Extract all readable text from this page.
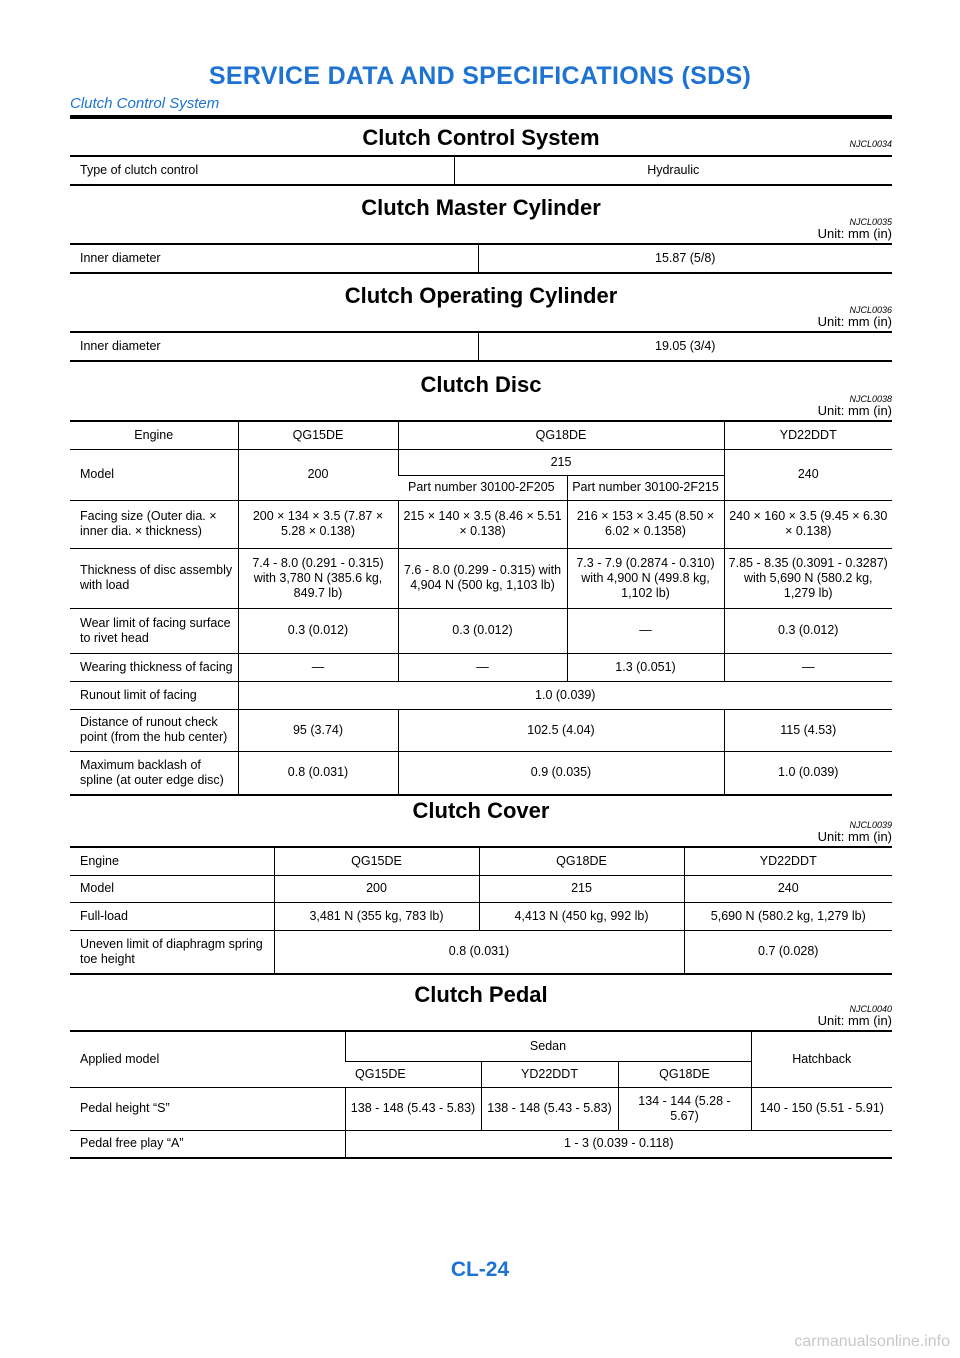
SERVICE DATA AND SPECIFICATIONS (SDS)
Clutch Control System
Clutch Control System	NJCL0034
Type of clutch control	Hydraulic
Clutch Master Cylinder
NJCL0035
Unit: mm (in)
Inner diameter	15.87 (5/8)
Clutch Operating Cylinder
NJCL0036
Unit: mm (in)
Inner diameter	19.05 (3/4)
Clutch Disc
NJCL0038
Unit: mm (in)
Engine	QG15DE	QG18DE		YD22DDT
Model	200	215		240
		Part number 30100-2F205	Part number 30100-2F215	
Facing size (Outer dia. × inner dia. × thickness)	200 × 134 × 3.5 (7.87 × 5.28 × 0.138)	215 × 140 × 3.5 (8.46 × 5.51 × 0.138)	216 × 153 × 3.45 (8.50 × 6.02 × 0.1358)	240 × 160 × 3.5 (9.45 × 6.30 × 0.138)
Thickness of disc assembly with load	7.4 - 8.0 (0.291 - 0.315) with 3,780 N (385.6 kg, 849.7 lb)	7.6 - 8.0 (0.299 - 0.315) with 4,904 N (500 kg, 1,103 lb)	7.3 - 7.9 (0.2874 - 0.310) with 4,900 N (499.8 kg, 1,102 lb)	7.85 - 8.35 (0.3091 - 0.3287) with 5,690 N (580.2 kg, 1,279 lb)
Wear limit of facing surface to rivet head	0.3 (0.012)	0.3 (0.012)	—	0.3 (0.012)
Wearing thickness of facing	—	—	1.3 (0.051)	—
Runout limit of facing	1.0 (0.039)			
Distance of runout check point (from the hub center)	95 (3.74)	102.5 (4.04)		115 (4.53)
Maximum backlash of spline (at outer edge disc)	0.8 (0.031)	0.9 (0.035)		1.0 (0.039)
Clutch Cover
NJCL0039
Unit: mm (in)
Engine	QG15DE	QG18DE	YD22DDT
Model	200	215	240
Full-load	3,481 N (355 kg, 783 lb)	4,413 N (450 kg, 992 lb)	5,690 N (580.2 kg, 1,279 lb)
Uneven limit of diaphragm spring toe height	0.8 (0.031)		0.7 (0.028)
Clutch Pedal
NJCL0040
Unit: mm (in)
Applied model	Sedan			Hatchback
	QG15DE	YD22DDT	QG18DE	
Pedal height “S”	138 - 148 (5.43 - 5.83)	138 - 148 (5.43 - 5.83)	134 - 144 (5.28 - 5.67)	140 - 150 (5.51 - 5.91)
Pedal free play “A”	1 - 3 (0.039 - 0.118)			
CL-24
carmanualsonline.info
